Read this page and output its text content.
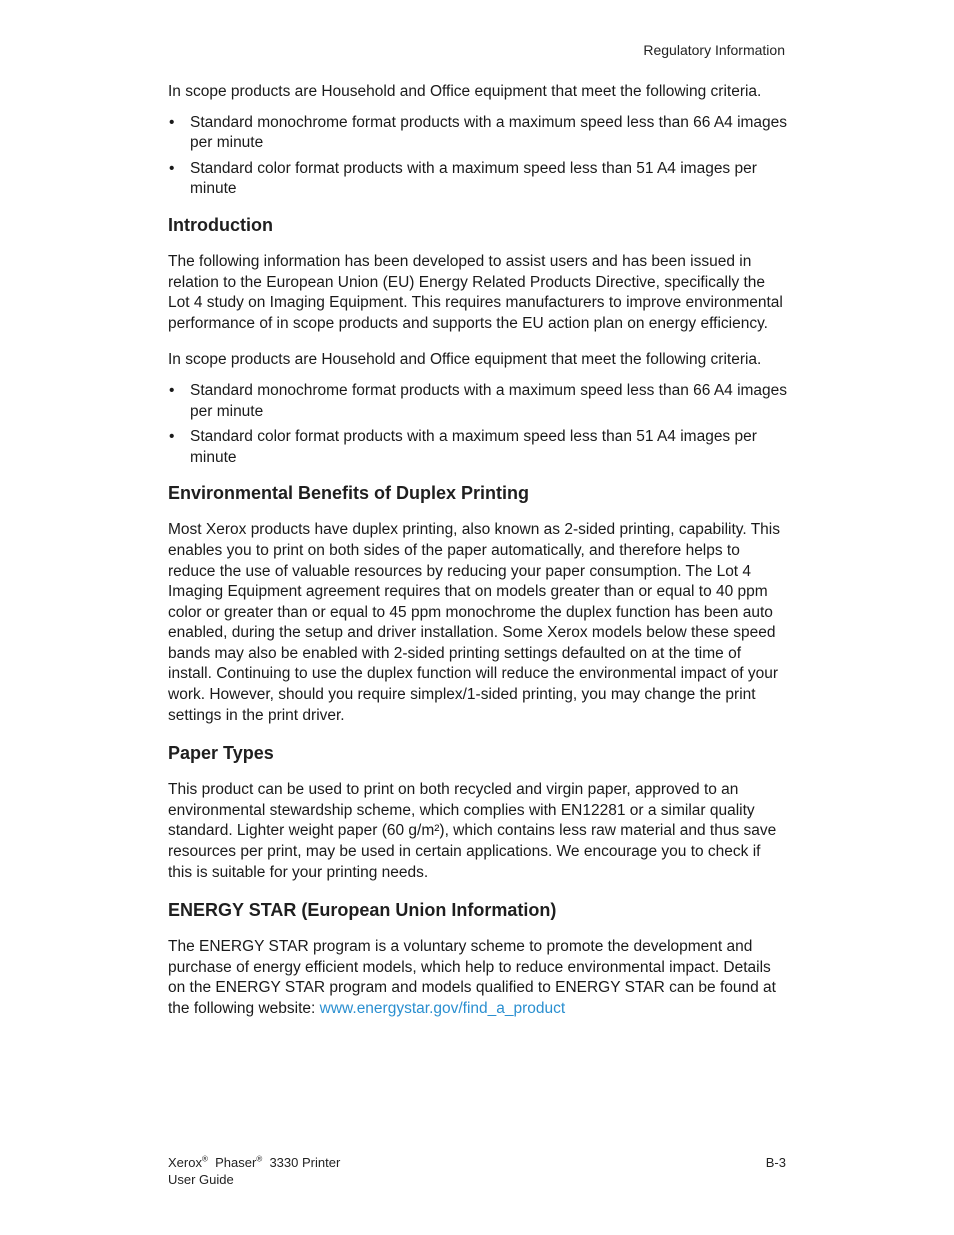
Regulatory Information

In scope products are Household and Office equipment that meet the following criteria.

• Standard monochrome format products with a maximum speed less than 66 A4 images per minute
• Standard color format products with a maximum speed less than 51 A4 images per minute
Introduction

The following information has been developed to assist users and has been issued in relation to the European Union (EU) Energy Related Products Directive, specifically the Lot 4 study on Imaging Equipment. This requires manufacturers to improve environmental performance of in scope products and supports the EU action plan on energy efficiency.

In scope products are Household and Office equipment that meet the following criteria.

• Standard monochrome format products with a maximum speed less than 66 A4 images per minute
• Standard color format products with a maximum speed less than 51 A4 images per minute
Environmental Benefits of Duplex Printing

Most Xerox products have duplex printing, also known as 2-sided printing, capability. This enables you to print on both sides of the paper automatically, and therefore helps to reduce the use of valuable resources by reducing your paper consumption. The Lot 4 Imaging Equipment agreement requires that on models greater than or equal to 40 ppm color or greater than or equal to 45 ppm monochrome the duplex function has been auto enabled, during the setup and driver installation. Some Xerox models below these speed bands may also be enabled with 2-sided printing settings defaulted on at the time of install. Continuing to use the duplex function will reduce the environmental impact of your work. However, should you require simplex/1-sided printing, you may change the print settings in the print driver.

Paper Types

This product can be used to print on both recycled and virgin paper, approved to an environmental stewardship scheme, which complies with EN12281 or a similar quality standard. Lighter weight paper (60 g/m²), which contains less raw material and thus save resources per print, may be used in certain applications. We encourage you to check if this is suitable for your printing needs.

ENERGY STAR (European Union Information)

The ENERGY STAR program is a voluntary scheme to promote the development and purchase of energy efficient models, which help to reduce environmental impact. Details on the ENERGY STAR program and models qualified to ENERGY STAR can be found at the following website: www.energystar.gov/find_a_product

Xerox® Phaser® 3330 Printer
User Guide
B-3
